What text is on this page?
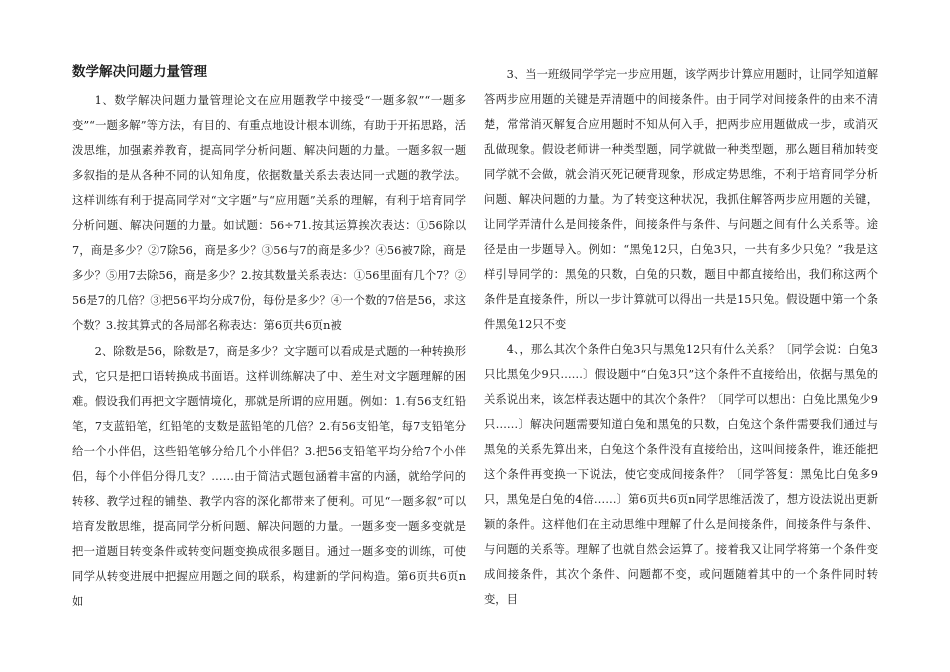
数学解决问题力量管理

1、数学解决问题力量管理论文在应用题教学中接受“一题多叙”“一题多变”“一题多解”等方法，有目的、有重点地设计根本训练，有助于开拓思路，活泼思维，加强素养教育，提高同学分析问题、解决问题的力量。一题多叙一题多叙指的是从各种不同的认知角度，依据数量关系去表达同一式题的教学法。这样训练有利于提高同学对“文字题”与“应用题”关系的理解，有利于培育同学分析问题、解决问题的力量。如试题：56÷71.按其运算挨次表达：①56除以7，商是多少？②7除56，商是多少？③56与7的商是多少？④56被7除，商是多少？⑤用7去除56，商是多少？2.按其数量关系表达：①56里面有几个7？②56是7的几倍？③把56平均分成7份，每份是多少？④一个数的7倍是56，求这个数？3.按其算式的各局部名称表达：第6页共6页n被

2、除数是56，除数是7，商是多少？文字题可以看成是式题的一种转换形式，它只是把口语转换成书面语。这样训练解决了中、差生对文字题理解的困难。假设我们再把文字题情境化，那就是所谓的应用题。例如：1.有56支红铅笔，7支蓝铅笔，红铅笔的支数是蓝铅笔的几倍？2.有56支铅笔，每7支铅笔分给一个小伴侣，这些铅笔够分给几个小伴侣？3.把56支铅笔平均分给7个小伴侣，每个小伴侣分得几支？……由于简洁式题包涵着丰富的内涵，就给学问的转移、教学过程的铺垫、教学内容的深化都带来了便利。可见“一题多叙”可以培育发散思维，提高同学分析问题、解决问题的力量。一题多变一题多变就是把一道题目转变条件或转变问题变换成很多题目。通过一题多变的训练，可使同学从转变进展中把握应用题之间的联系，构建新的学问构造。第6页共6页n如

3、当一班级同学学完一步应用题，该学两步计算应用题时，让同学知道解答两步应用题的关键是弄清题中的间接条件。由于同学对间接条件的由来不清楚，常常消灭解复合应用题时不知从何入手，把两步应用题做成一步，或消灭乱做现象。假设老师讲一种类型题，同学就做一种类型题，那么题目稍加转变同学就不会做，就会消灭死记硬背现象，形成定势思维，不利于培育同学分析问题、解决问题的力量。为了转变这种状况，我抓住解答两步应用题的关键，让同学弄清什么是间接条件，间接条件与条件、与问题之间有什么关系等。途径是由一步题导入。例如：“黑兔12只，白兔3只，一共有多少只兔？”我是这样引导同学的：黑兔的只数，白兔的只数，题目中都直接给出，我们称这两个条件是直接条件，所以一步计算就可以得出一共是15只兔。假设题中第一个条件黑兔12只不变

4、，那么其次个条件白兔3只与黑兔12只有什么关系？〔同学会说：白兔3只比黑兔少9只……〕假设题中“白兔3只”这个条件不直接给出，依据与黑兔的关系说出来，该怎样表达题中的其次个条件？〔同学可以想出：白兔比黑兔少9只……〕解决问题需要知道白兔和黑兔的只数，白兔这个条件需要我们通过与黑兔的关系先算出来，白兔这个条件没有直接给出，这叫间接条件，谁还能把这个条件再变换一下说法，使它变成间接条件？〔同学答复：黑兔比白兔多9只，黑兔是白兔的4倍……〕第6页共6页n同学思维活泼了，想方设法说出更新颖的条件。这样他们在主动思维中理解了什么是间接条件，间接条件与条件、与问题的关系等。理解了也就自然会运算了。接着我又让同学将第一个条件变成间接条件，其次个条件、问题都不变，或问题随着其中的一个条件同时转变，目
